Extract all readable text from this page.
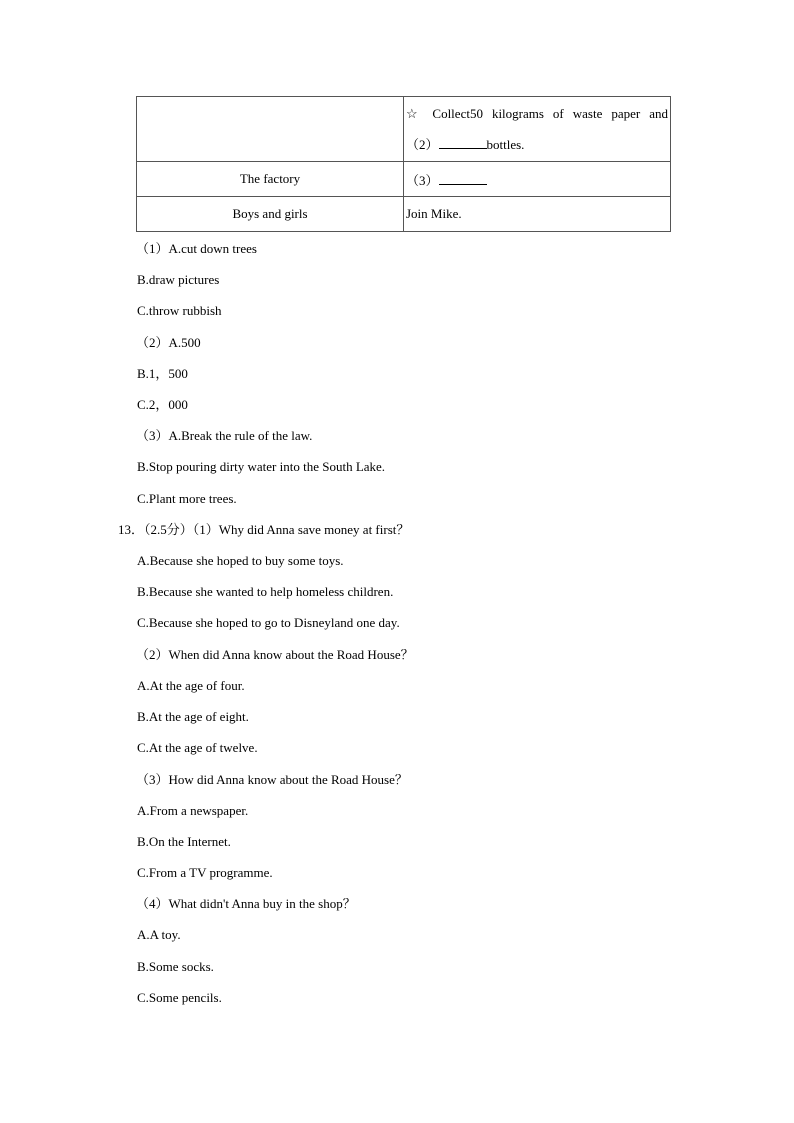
	☆ Collect50 kilograms of waste paper and
（2） bottles.

The factory	（3）
Boys and girls	Join Mike.
（1）A.cut down trees
B.draw pictures
C.throw rubbish
（2）A.500
B.1，500
C.2，000
（3）A.Break the rule of the law.
B.Stop pouring dirty water into the South Lake.
C.Plant more trees.
13．（2.5分）（1）Why did Anna save money at first？
A.Because she hoped to buy some toys.
B.Because she wanted to help homeless children.
C.Because she hoped to go to Disneyland one day.
（2）When did Anna know about the Road House？
A.At the age of four.
B.At the age of eight.
C.At the age of twelve.
（3）How did Anna know about the Road House？
A.From a newspaper.
B.On the Internet.
C.From a TV programme.
（4）What didn't Anna buy in the shop？
A.A toy.
B.Some socks.
C.Some pencils.
